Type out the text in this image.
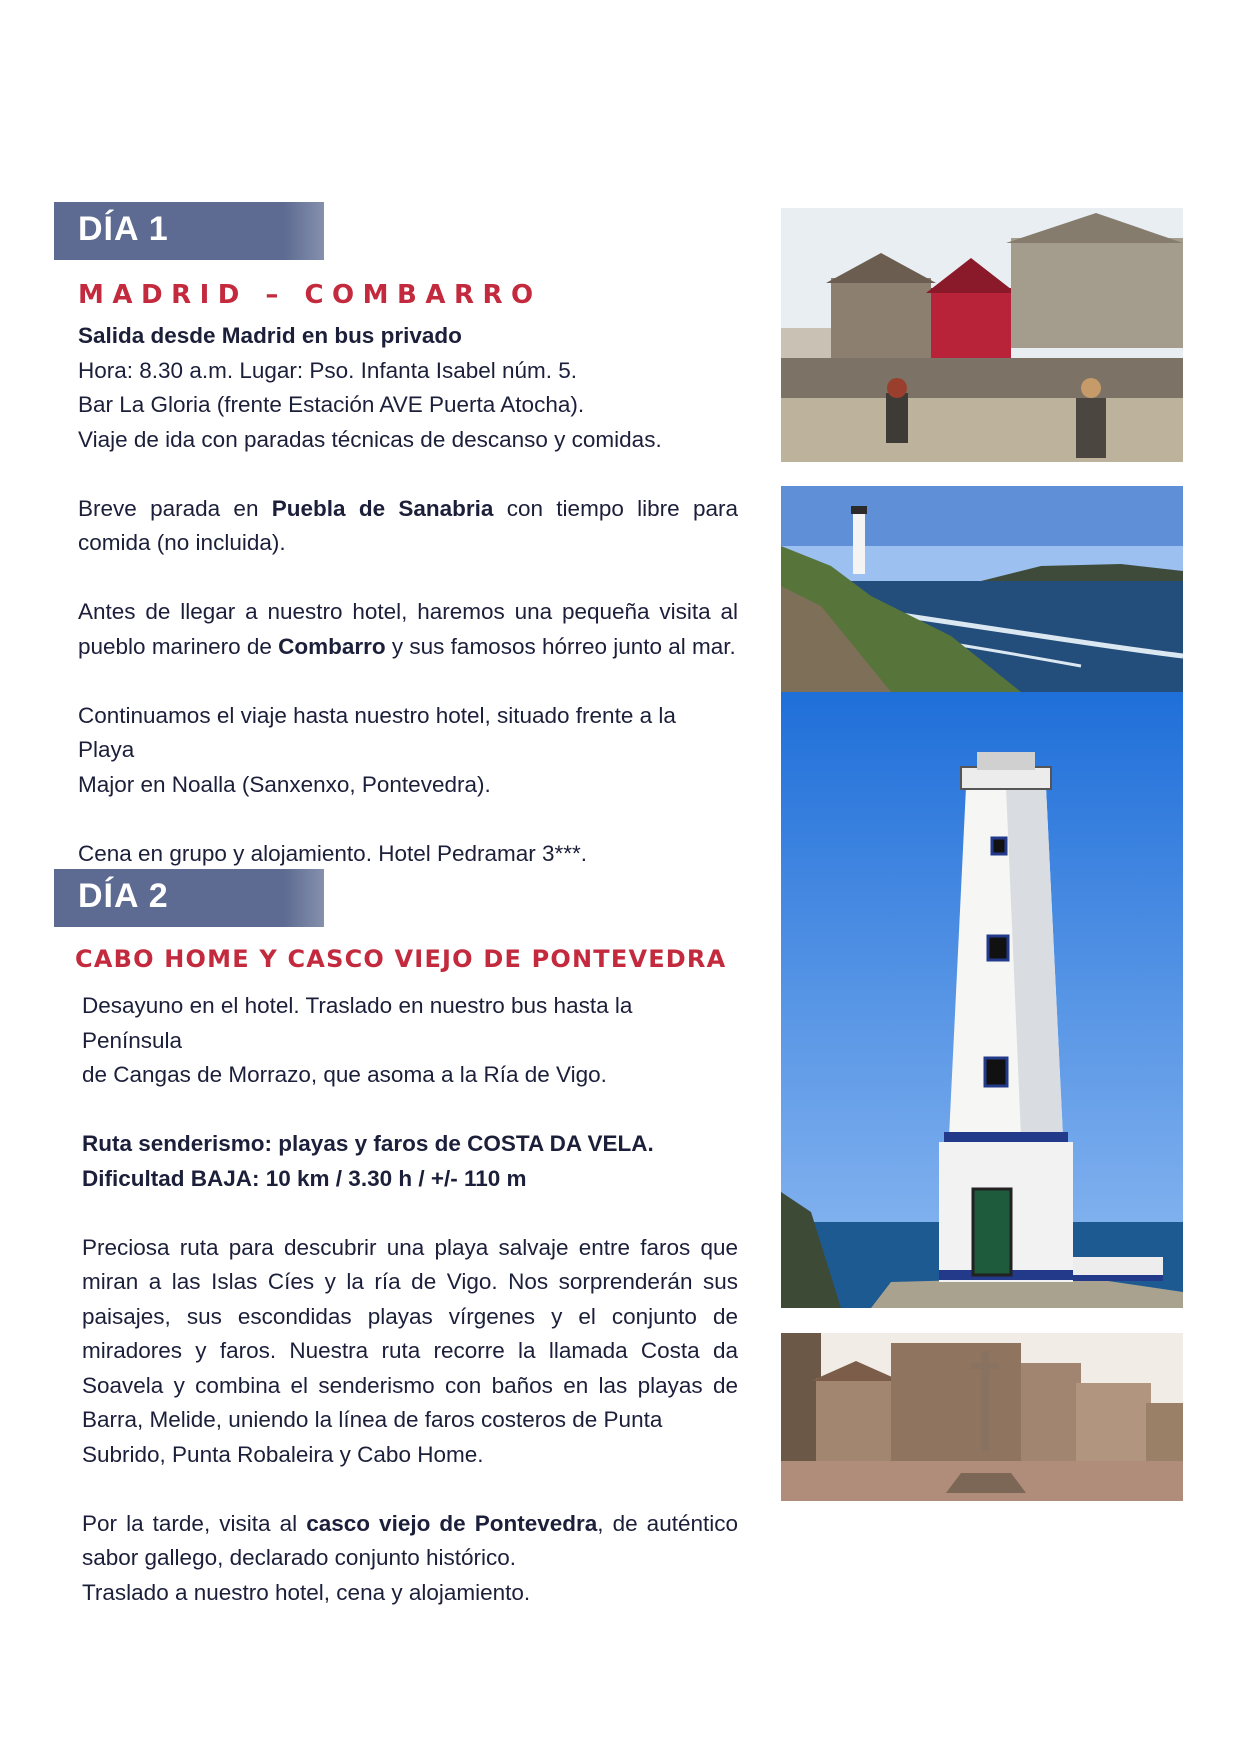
DÍA 1
MADRID – COMBARRO

Salida desde Madrid en bus privado

Hora: 8.30 a.m. Lugar: Pso. Infanta Isabel núm. 5.

Bar La Gloria (frente Estación AVE Puerta Atocha).

Viaje de ida con paradas técnicas de descanso y comidas.

Breve parada en Puebla de Sanabria con tiempo libre para

comida (no incluida).

Antes de llegar a nuestro hotel, haremos una pequeña visita al

pueblo marinero de Combarro y sus famosos hórreo junto al mar.

Continuamos el viaje hasta nuestro hotel, situado frente a la Playa

Major en Noalla (Sanxenxo, Pontevedra).

Cena en grupo y alojamiento. Hotel Pedramar 3***.

DÍA 2
CABO HOME Y CASCO VIEJO DE PONTEVEDRA

Desayuno en el hotel. Traslado en nuestro bus hasta la Península

de Cangas de Morrazo, que asoma a la Ría de Vigo.

Ruta senderismo: playas y faros de COSTA DA VELA.

Dificultad BAJA: 10 km / 3.30 h / +/- 110 m

Preciosa ruta para descubrir una playa salvaje entre faros que

miran a las Islas Cíes y la ría de Vigo. Nos sorprenderán sus

paisajes, sus escondidas playas vírgenes y el conjunto de

miradores y faros. Nuestra ruta recorre la llamada Costa da

Soavela y combina el senderismo con baños en las playas de

Barra, Melide, uniendo la línea de faros costeros de Punta

Subrido, Punta Robaleira y Cabo Home.

Por la tarde, visita al casco viejo de Pontevedra, de auténtico

sabor gallego, declarado conjunto histórico.

Traslado a nuestro hotel, cena y alojamiento.
